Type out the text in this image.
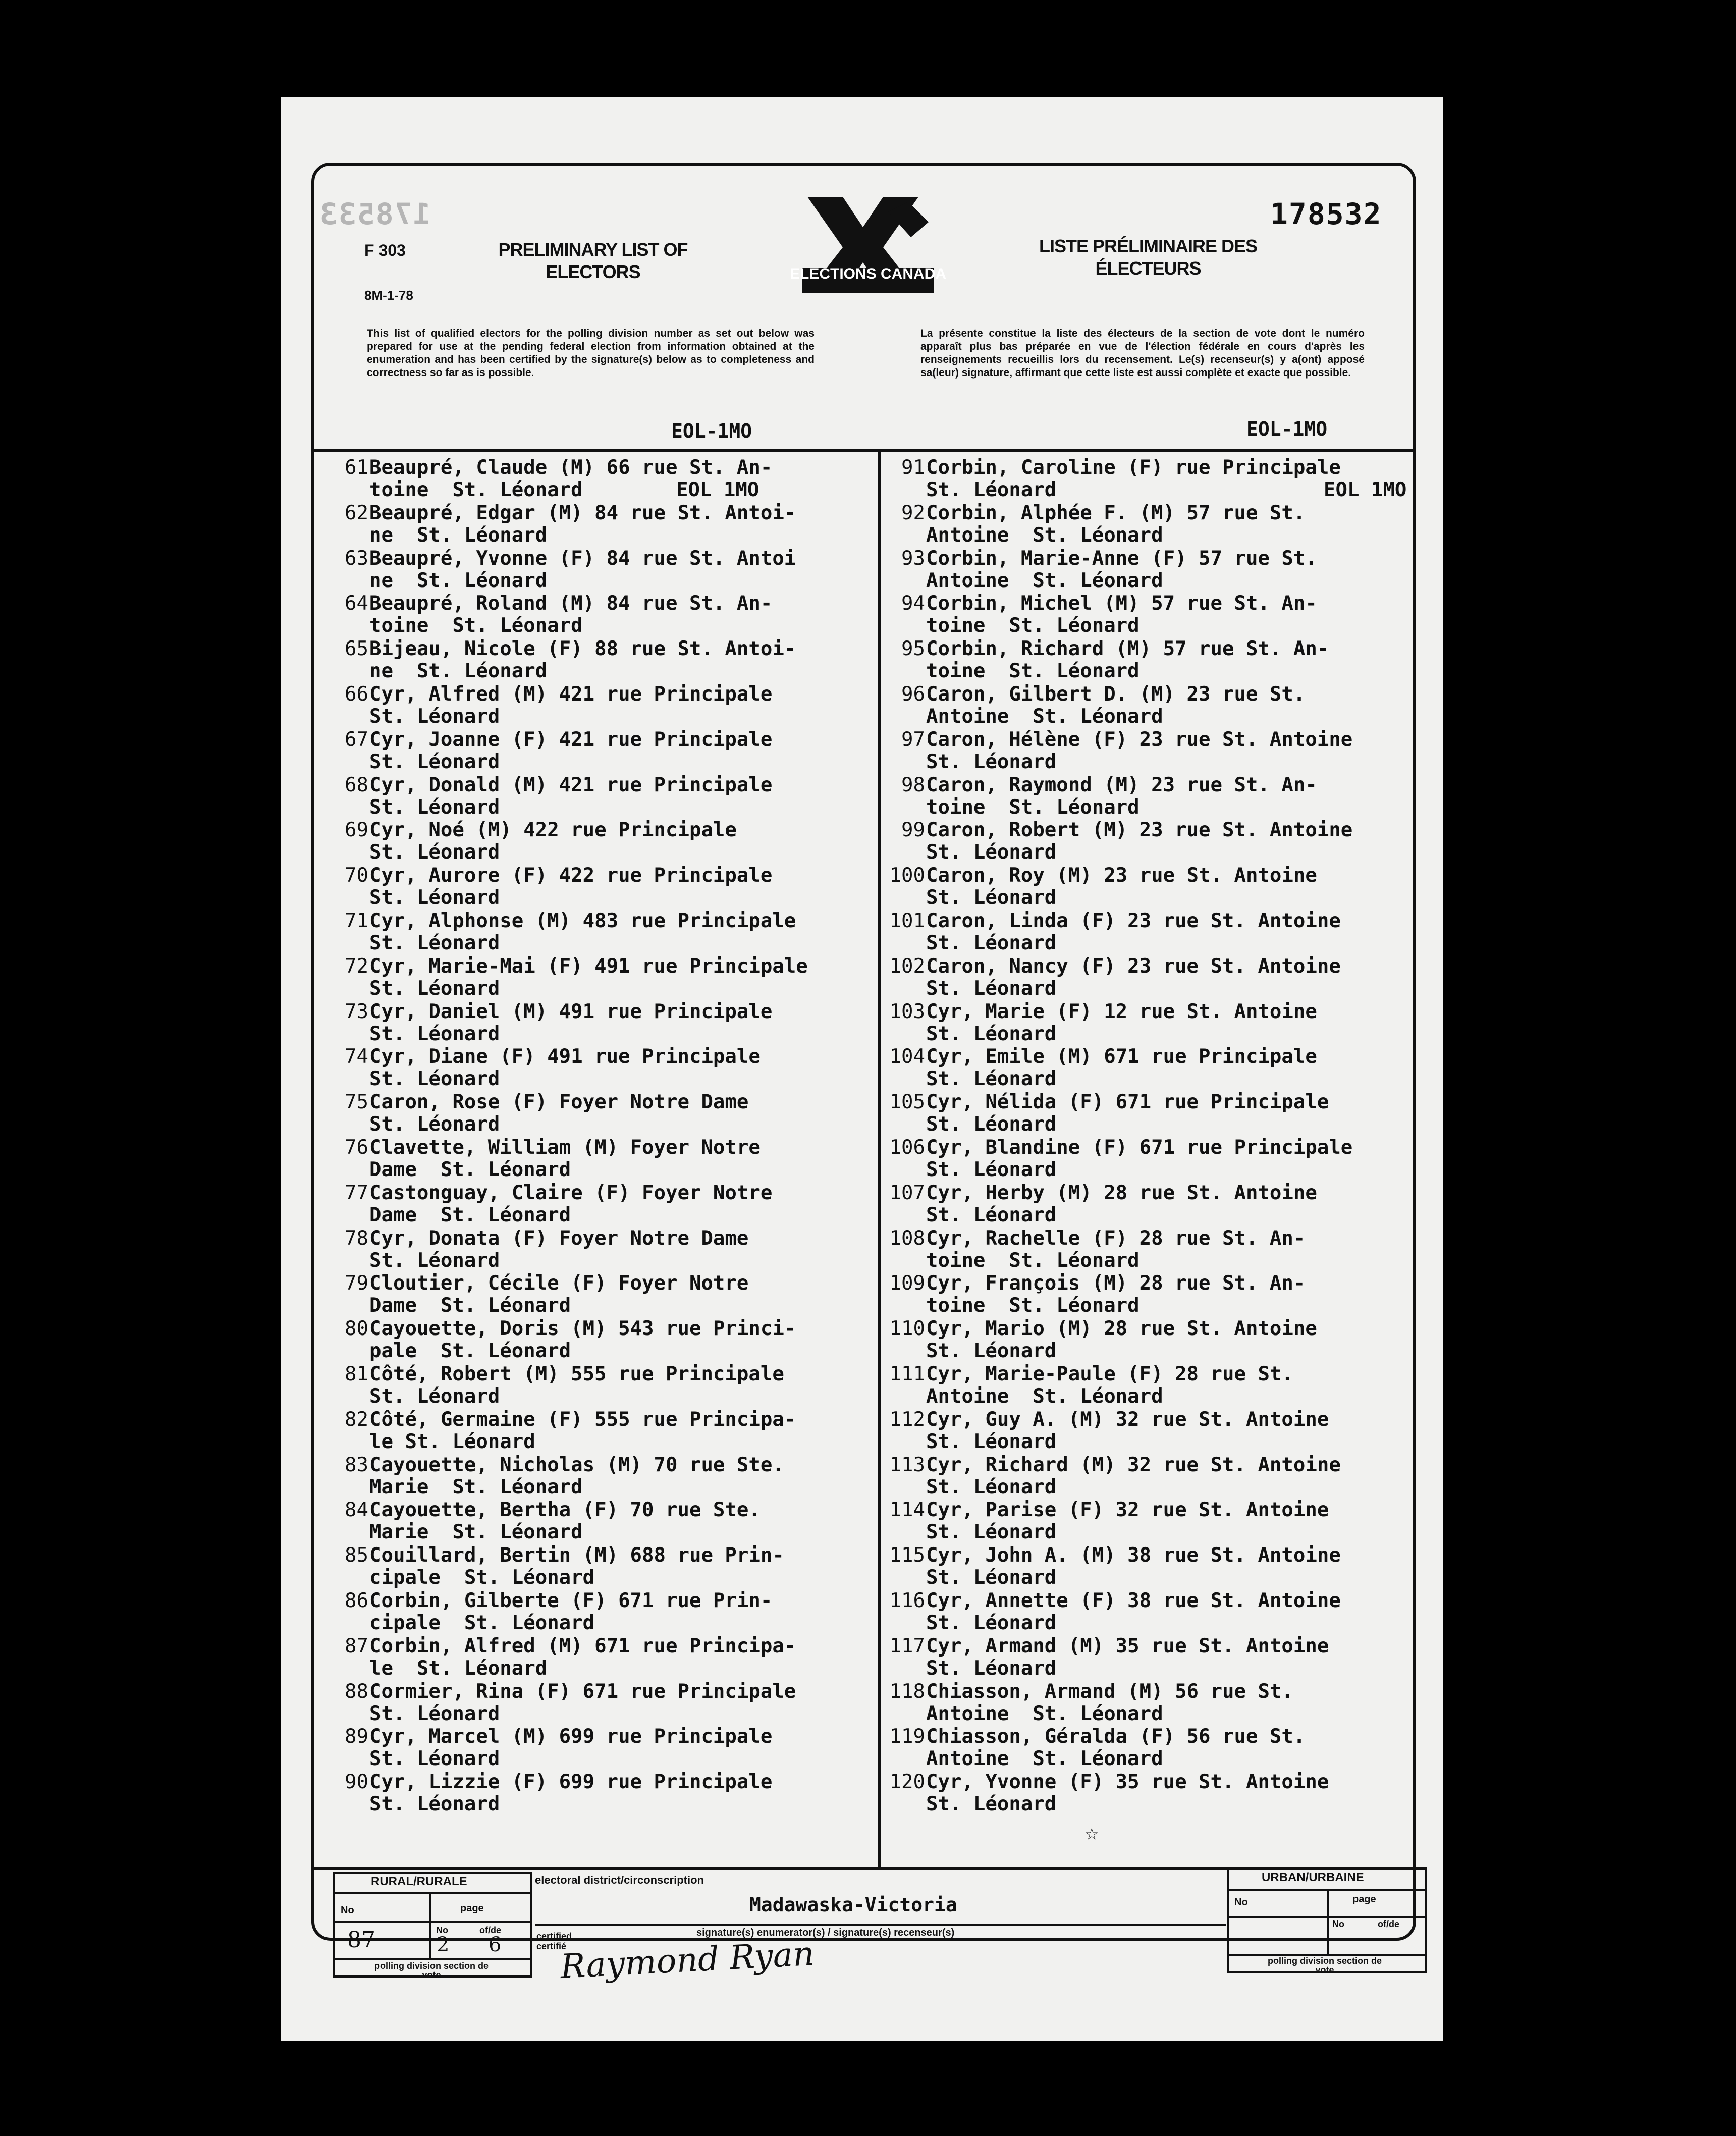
178533	178532
F 303
8M-1-78
PRELIMINARY LIST OF ELECTORS
LISTE PRÉLIMINAIRE DES ÉLECTEURS
ELECTIONS CANADA
This list of qualified electors for the polling division number as set out below was prepared for use at the pending federal election from information obtained at the enumeration and has been certified by the signature(s) below as to completeness and correctness so far as is possible.
La présente constitue la liste des électeurs de la section de vote dont le numéro apparaît plus bas préparée en vue de l'élection fédérale en cours d'après les renseignements recueillis lors du recensement. Le(s) recenseur(s) y a(ont) apposé sa(leur) signature, affirmant que cette liste est aussi complète et exacte que possible.
EOL-1MO	EOL-1MO
61 Beaupré, Claude (M) 66 rue St. An-
toine  St. Léonard	EOL 1MO
62 Beaupré, Edgar (M) 84 rue St. Antoi-
ne  St. Léonard
63 Beaupré, Yvonne (F) 84 rue St. Antoi
ne  St. Léonard
64 Beaupré, Roland (M) 84 rue St. An-
toine  St. Léonard
65 Bijeau, Nicole (F) 88 rue St. Antoi-
ne  St. Léonard
66 Cyr, Alfred (M) 421 rue Principale
St. Léonard
67 Cyr, Joanne (F) 421 rue Principale
St. Léonard
68 Cyr, Donald (M) 421 rue Principale
St. Léonard
69 Cyr, Noé (M) 422 rue Principale
St. Léonard
70 Cyr, Aurore (F) 422 rue Principale
St. Léonard
71 Cyr, Alphonse (M) 483 rue Principale
St. Léonard
72 Cyr, Marie-Mai (F) 491 rue Principale
St. Léonard
73 Cyr, Daniel (M) 491 rue Principale
St. Léonard
74 Cyr, Diane (F) 491 rue Principale
St. Léonard
75 Caron, Rose (F) Foyer Notre Dame
St. Léonard
76 Clavette, William (M) Foyer Notre
Dame  St. Léonard
77 Castonguay, Claire (F) Foyer Notre
Dame  St. Léonard
78 Cyr, Donata (F) Foyer Notre Dame
St. Léonard
79 Cloutier, Cécile (F) Foyer Notre
Dame  St. Léonard
80 Cayouette, Doris (M) 543 rue Princi-
pale  St. Léonard
81 Côté, Robert (M) 555 rue Principale
St. Léonard
82 Côté, Germaine (F) 555 rue Principa-
le St. Léonard
83 Cayouette, Nicholas (M) 70 rue Ste.
Marie  St. Léonard
84 Cayouette, Bertha (F) 70 rue Ste.
Marie  St. Léonard
85 Couillard, Bertin (M) 688 rue Prin-
cipale  St. Léonard
86 Corbin, Gilberte (F) 671 rue Prin-
cipale  St. Léonard
87 Corbin, Alfred (M) 671 rue Principa-
le  St. Léonard
88 Cormier, Rina (F) 671 rue Principale
St. Léonard
89 Cyr, Marcel (M) 699 rue Principale
St. Léonard
90 Cyr, Lizzie (F) 699 rue Principale
St. Léonard
91 Corbin, Caroline (F) rue Principale
St. Léonard	EOL 1MO
92 Corbin, Alphée F. (M) 57 rue St.
Antoine  St. Léonard
93 Corbin, Marie-Anne (F) 57 rue St.
Antoine  St. Léonard
94 Corbin, Michel (M) 57 rue St. An-
toine  St. Léonard
95 Corbin, Richard (M) 57 rue St. An-
toine  St. Léonard
96 Caron, Gilbert D. (M) 23 rue St.
Antoine  St. Léonard
97 Caron, Hélène (F) 23 rue St. Antoine
St. Léonard
98 Caron, Raymond (M) 23 rue St. An-
toine  St. Léonard
99 Caron, Robert (M) 23 rue St. Antoine
St. Léonard
100 Caron, Roy (M) 23 rue St. Antoine
St. Léonard
101 Caron, Linda (F) 23 rue St. Antoine
St. Léonard
102 Caron, Nancy (F) 23 rue St. Antoine
St. Léonard
103 Cyr, Marie (F) 12 rue St. Antoine
St. Léonard
104 Cyr, Emile (M) 671 rue Principale
St. Léonard
105 Cyr, Nélida (F) 671 rue Principale
St. Léonard
106 Cyr, Blandine (F) 671 rue Principale
St. Léonard
107 Cyr, Herby (M) 28 rue St. Antoine
St. Léonard
108 Cyr, Rachelle (F) 28 rue St. An-
toine  St. Léonard
109 Cyr, François (M) 28 rue St. An-
toine  St. Léonard
110 Cyr, Mario (M) 28 rue St. Antoine
St. Léonard
111 Cyr, Marie-Paule (F) 28 rue St.
Antoine  St. Léonard
112 Cyr, Guy A. (M) 32 rue St. Antoine
St. Léonard
113 Cyr, Richard (M) 32 rue St. Antoine
St. Léonard
114 Cyr, Parise (F) 32 rue St. Antoine
St. Léonard
115 Cyr, John A. (M) 38 rue St. Antoine
St. Léonard
116 Cyr, Annette (F) 38 rue St. Antoine
St. Léonard
117 Cyr, Armand (M) 35 rue St. Antoine
St. Léonard
118 Chiasson, Armand (M) 56 rue St.
Antoine  St. Léonard
119 Chiasson, Géralda (F) 56 rue St.
Antoine  St. Léonard
120 Cyr, Yvonne (F) 35 rue St. Antoine
St. Léonard
☆
RURAL/RURALE
No	page
87	No
2
of/de
6
polling division section de vote
electoral district/circonscription
Madawaska-Victoria
signature(s) enumerator(s) / signature(s) recenseur(s)
certified certifié
Raymond Ryan
URBAN/URBAINE
No	page
No	of/de
polling division section de vote
